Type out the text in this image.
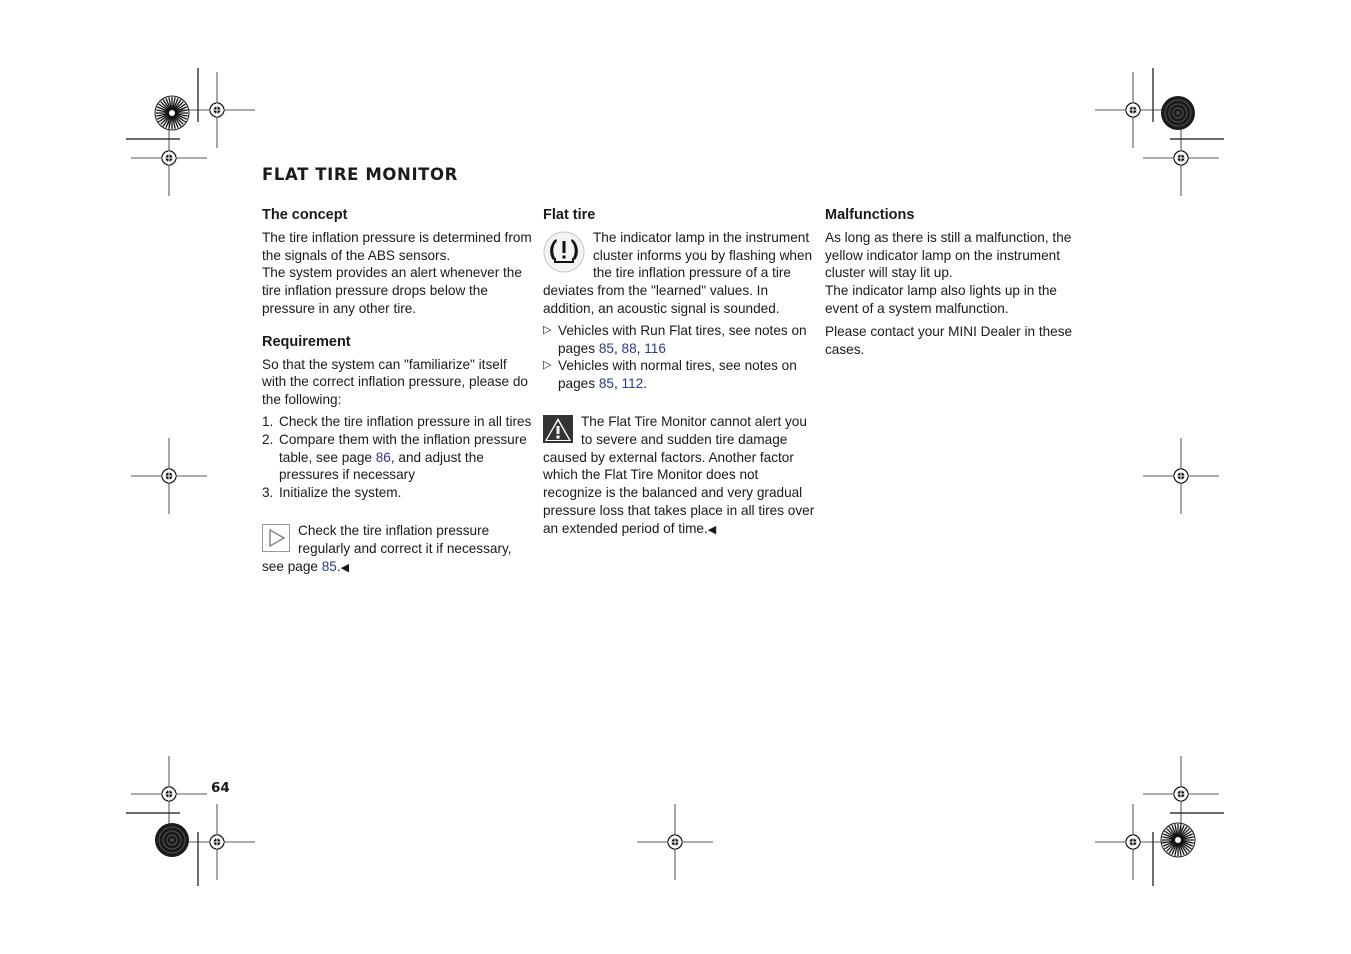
FLAT TIRE MONITOR
The concept

The tire inflation pressure is determined from the signals of the ABS sensors.

The system provides an alert whenever the tire inflation pressure drops below the pressure in any other tire.

Requirement

So that the system can "familiarize" itself with the correct inflation pressure, please do the following:

1. Check the tire inflation pressure in all tires
2. Compare them with the inflation pressure table, see page 86, and adjust the pressures if necessary
3. Initialize the system.
Check the tire inflation pressure regularly and correct it if necessary, see page 85.◀
Flat tire
The indicator lamp in the instrument cluster informs you by flashing when the tire inflation pressure of a tire deviates from the "learned" values. In addition, an acoustic signal is sounded.
▷ Vehicles with Run Flat tires, see notes on pages 85, 88, 116
▷ Vehicles with normal tires, see notes on pages 85, 112.
The Flat Tire Monitor cannot alert you to severe and sudden tire damage caused by external factors. Another factor which the Flat Tire Monitor does not recognize is the balanced and very gradual pressure loss that takes place in all tires over an extended period of time.◀
Malfunctions

As long as there is still a malfunction, the yellow indicator lamp on the instrument cluster will stay lit up.

The indicator lamp also lights up in the event of a system malfunction.

Please contact your MINI Dealer in these cases.

64
